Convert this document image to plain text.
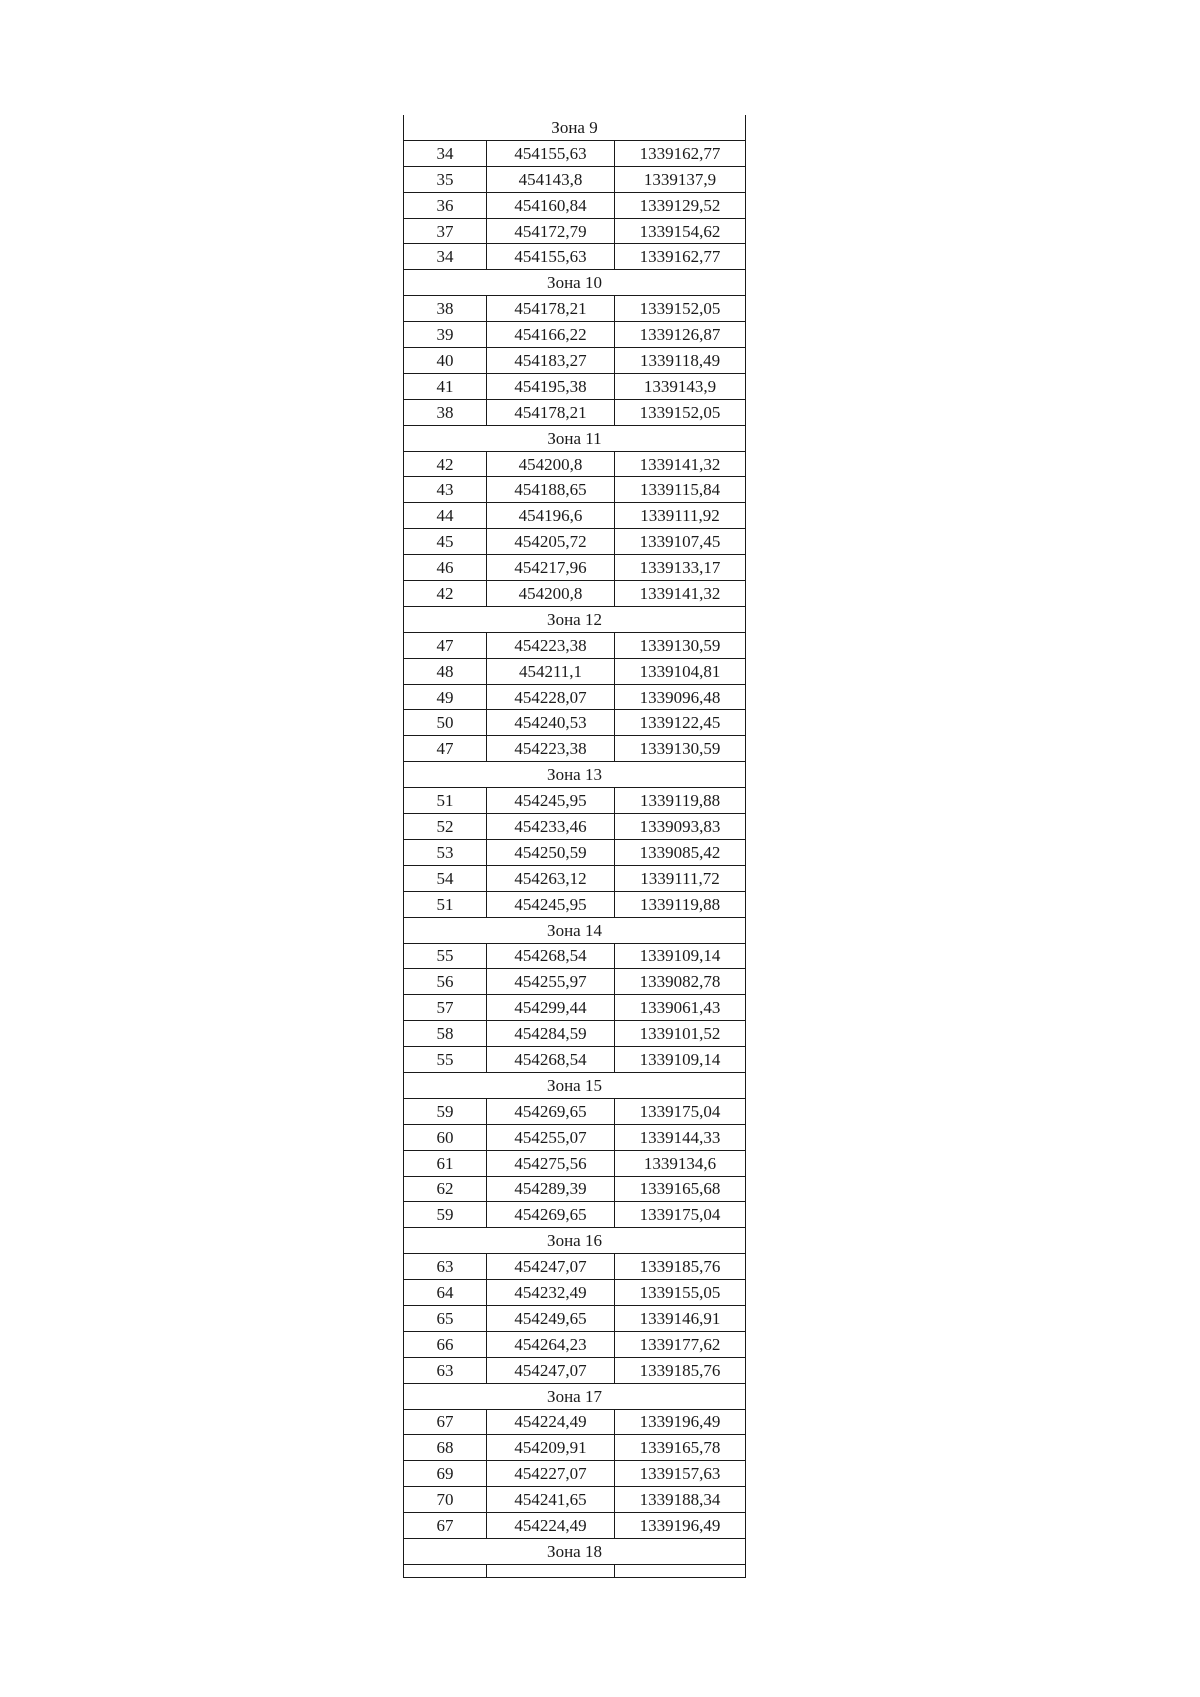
Зона 9		
34	454155,63	1339162,77
35	454143,8	1339137,9
36	454160,84	1339129,52
37	454172,79	1339154,62
34	454155,63	1339162,77
Зона 10		
38	454178,21	1339152,05
39	454166,22	1339126,87
40	454183,27	1339118,49
41	454195,38	1339143,9
38	454178,21	1339152,05
Зона 11		
42	454200,8	1339141,32
43	454188,65	1339115,84
44	454196,6	1339111,92
45	454205,72	1339107,45
46	454217,96	1339133,17
42	454200,8	1339141,32
Зона 12		
47	454223,38	1339130,59
48	454211,1	1339104,81
49	454228,07	1339096,48
50	454240,53	1339122,45
47	454223,38	1339130,59
Зона 13		
51	454245,95	1339119,88
52	454233,46	1339093,83
53	454250,59	1339085,42
54	454263,12	1339111,72
51	454245,95	1339119,88
Зона 14		
55	454268,54	1339109,14
56	454255,97	1339082,78
57	454299,44	1339061,43
58	454284,59	1339101,52
55	454268,54	1339109,14
Зона 15		
59	454269,65	1339175,04
60	454255,07	1339144,33
61	454275,56	1339134,6
62	454289,39	1339165,68
59	454269,65	1339175,04
Зона 16		
63	454247,07	1339185,76
64	454232,49	1339155,05
65	454249,65	1339146,91
66	454264,23	1339177,62
63	454247,07	1339185,76
Зона 17		
67	454224,49	1339196,49
68	454209,91	1339165,78
69	454227,07	1339157,63
70	454241,65	1339188,34
67	454224,49	1339196,49
Зона 18		
